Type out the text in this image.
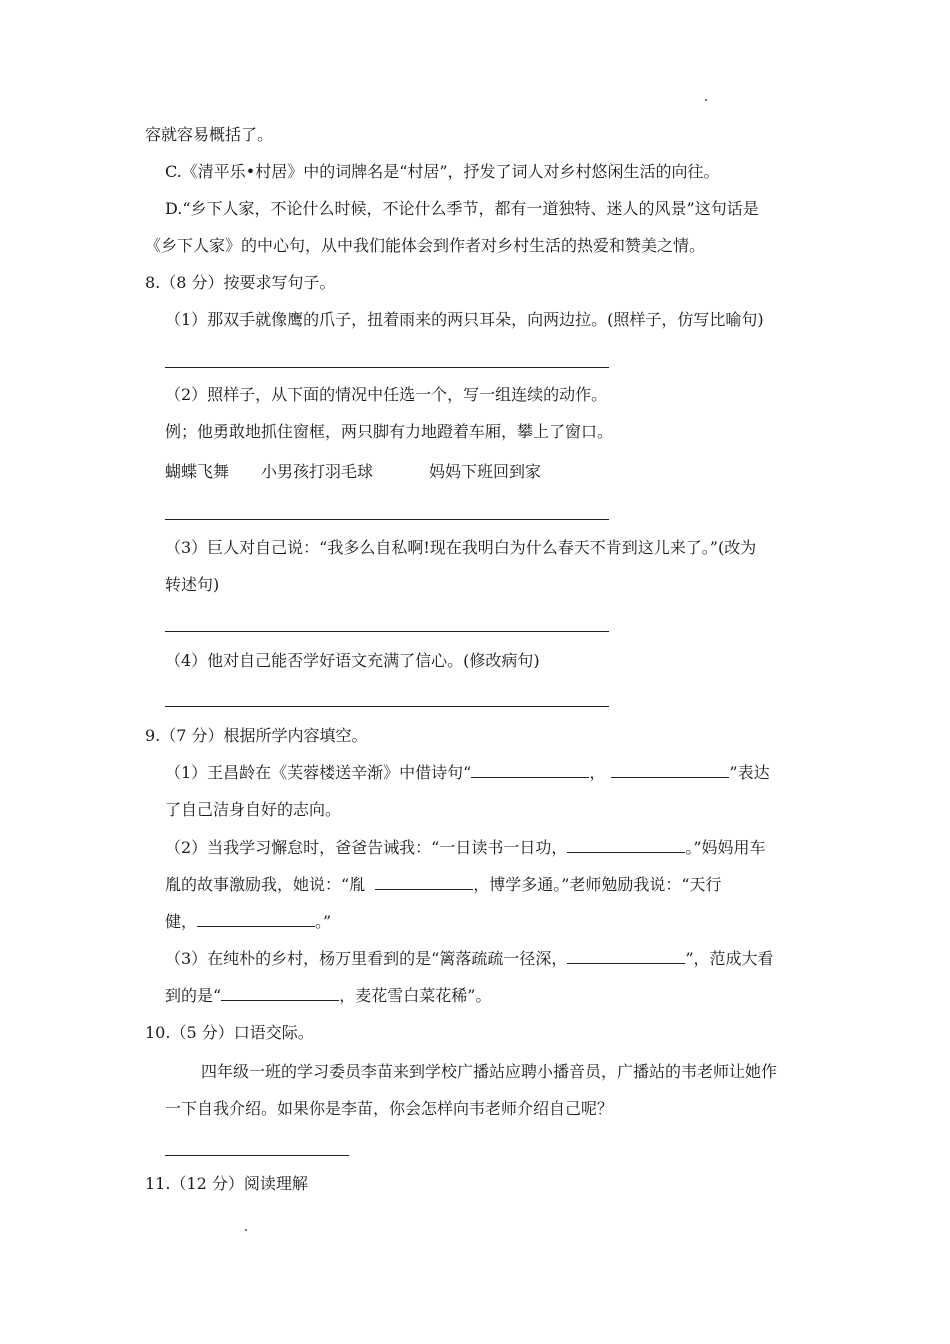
容就容易概括了。
C.《清平乐•村居》中的词牌名是“村居”，抒发了词人对乡村悠闲生活的向往。
D.“乡下人家，不论什么时候，不论什么季节，都有一道独特、迷人的风景”这句话是
《乡下人家》的中心句，从中我们能体会到作者对乡村生活的热爱和赞美之情。
8.（8 分）按要求写句子。
（1）那双手就像鹰的爪子，扭着雨来的两只耳朵，向两边拉。(照样子，仿写比喻句)
（2）照样子，从下面的情况中任选一个，写一组连续的动作。
例；他勇敢地抓住窗框，两只脚有力地蹬着车厢，攀上了窗口。
蝴蝶飞舞 小男孩打羽毛球	妈妈下班回到家
（3）巨人对自己说：“我多么自私啊!现在我明白为什么春天不肯到这儿来了。”(改为
转述句)
（4）他对自己能否学好语文充满了信心。(修改病句)
9.（7 分）根据所学内容填空。
（1）王昌龄在《芙蓉楼送辛渐》中借诗句“	，	”表达
了自己洁身自好的志向。
（2）当我学习懈怠时，爸爸告诫我：“一日读书一日功，	。”妈妈用车
胤的故事激励我，她说：“胤	，博学多通。”老师勉励我说：“天行
健，	。”
（3）在纯朴的乡村，杨万里看到的是“篱落疏疏一径深，	”，范成大看
到的是“	，麦花雪白菜花稀”。
10.（5 分）口语交际。
四年级一班的学习委员李苗来到学校广播站应聘小播音员，广播站的韦老师让她作
一下自我介绍。如果你是李苗，你会怎样向韦老师介绍自己呢？
11.（12 分）阅读理解
